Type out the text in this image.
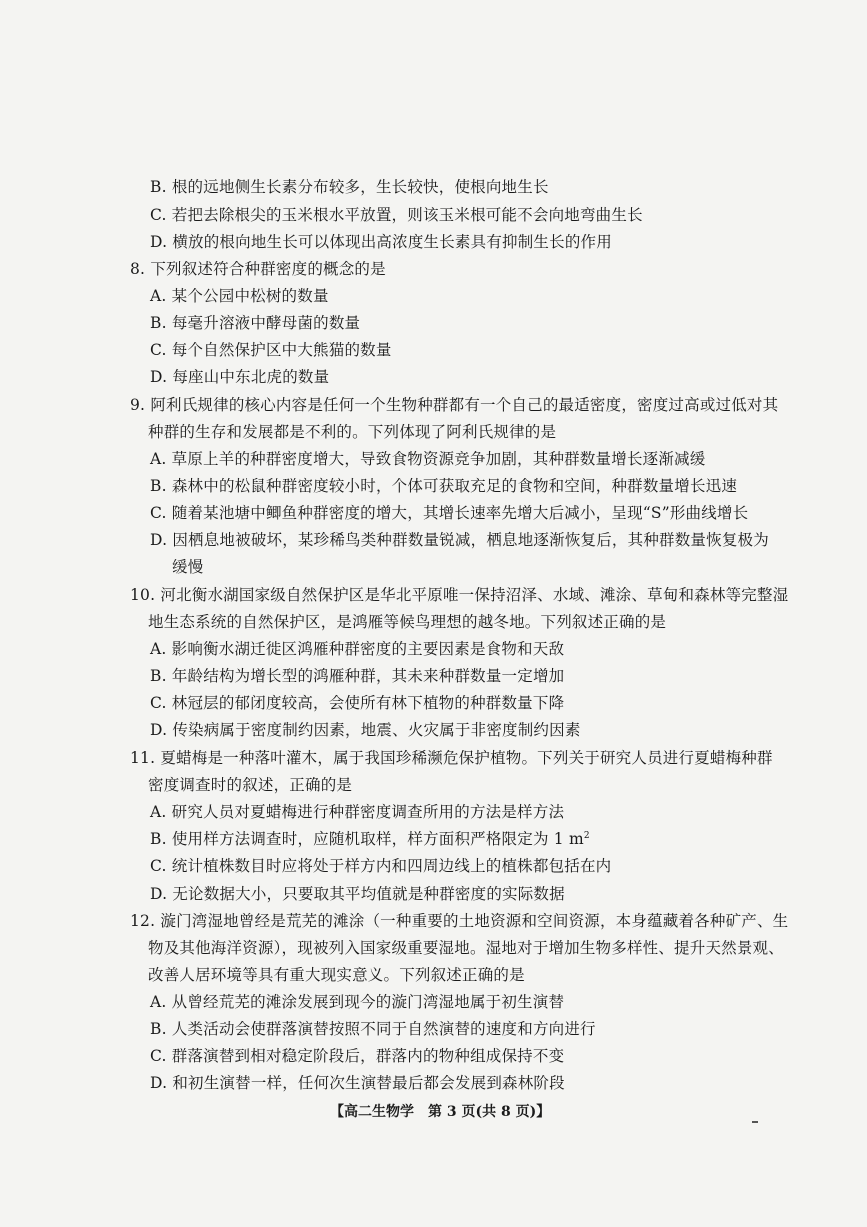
B. 根的远地侧生长素分布较多，生长较快，使根向地生长
C. 若把去除根尖的玉米根水平放置，则该玉米根可能不会向地弯曲生长
D. 横放的根向地生长可以体现出高浓度生长素具有抑制生长的作用
8. 下列叙述符合种群密度的概念的是
A. 某个公园中松树的数量
B. 每毫升溶液中酵母菌的数量
C. 每个自然保护区中大熊猫的数量
D. 每座山中东北虎的数量
9. 阿利氏规律的核心内容是任何一个生物种群都有一个自己的最适密度，密度过高或过低对其
种群的生存和发展都是不利的。下列体现了阿利氏规律的是
A. 草原上羊的种群密度增大，导致食物资源竞争加剧，其种群数量增长逐渐减缓
B. 森林中的松鼠种群密度较小时，个体可获取充足的食物和空间，种群数量增长迅速
C. 随着某池塘中鲫鱼种群密度的增大，其增长速率先增大后减小，呈现“S”形曲线增长
D. 因栖息地被破坏，某珍稀鸟类种群数量锐减，栖息地逐渐恢复后，其种群数量恢复极为
缓慢
10. 河北衡水湖国家级自然保护区是华北平原唯一保持沼泽、水域、滩涂、草甸和森林等完整湿
地生态系统的自然保护区，是鸿雁等候鸟理想的越冬地。下列叙述正确的是
A. 影响衡水湖迁徙区鸿雁种群密度的主要因素是食物和天敌
B. 年龄结构为增长型的鸿雁种群，其未来种群数量一定增加
C. 林冠层的郁闭度较高，会使所有林下植物的种群数量下降
D. 传染病属于密度制约因素，地震、火灾属于非密度制约因素
11. 夏蜡梅是一种落叶灌木，属于我国珍稀濒危保护植物。下列关于研究人员进行夏蜡梅种群
密度调查时的叙述，正确的是
A. 研究人员对夏蜡梅进行种群密度调查所用的方法是样方法
B. 使用样方法调查时，应随机取样，样方面积严格限定为 1 $m^2$
C. 统计植株数目时应将处于样方内和四周边线上的植株都包括在内
D. 无论数据大小，只要取其平均值就是种群密度的实际数据
12. 漩门湾湿地曾经是荒芜的滩涂（一种重要的土地资源和空间资源，本身蕴藏着各种矿产、生
物及其他海洋资源），现被列入国家级重要湿地。湿地对于增加生物多样性、提升天然景观、
改善人居环境等具有重大现实意义。下列叙述正确的是
A. 从曾经荒芜的滩涂发展到现今的漩门湾湿地属于初生演替
B. 人类活动会使群落演替按照不同于自然演替的速度和方向进行
C. 群落演替到相对稳定阶段后，群落内的物种组成保持不变
D. 和初生演替一样，任何次生演替最后都会发展到森林阶段
【高二生物学　第 3 页(共 8 页)】
